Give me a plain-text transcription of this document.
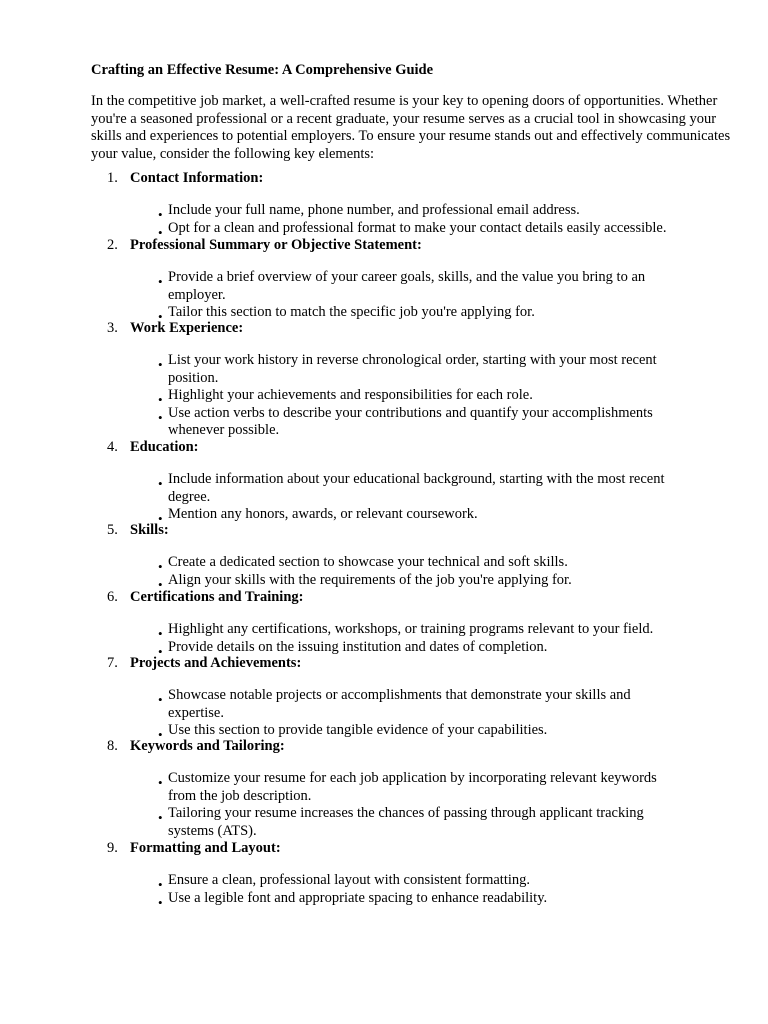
Crafting an Effective Resume: A Comprehensive Guide

In the competitive job market, a well-crafted resume is your key to opening doors of opportunities. Whether you're a seasoned professional or a recent graduate, your resume serves as a crucial tool in showcasing your skills and experiences to potential employers. To ensure your resume stands out and effectively communicates your value, consider the following key elements:

1. Contact Information:
• Include your full name, phone number, and professional email address.
• Opt for a clean and professional format to make your contact details easily accessible.
2. Professional Summary or Objective Statement:
• Provide a brief overview of your career goals, skills, and the value you bring to an employer.
• Tailor this section to match the specific job you're applying for.
3. Work Experience:
• List your work history in reverse chronological order, starting with your most recent position.
• Highlight your achievements and responsibilities for each role.
• Use action verbs to describe your contributions and quantify your accomplishments whenever possible.
4. Education:
• Include information about your educational background, starting with the most recent degree.
• Mention any honors, awards, or relevant coursework.
5. Skills:
• Create a dedicated section to showcase your technical and soft skills.
• Align your skills with the requirements of the job you're applying for.
6. Certifications and Training:
• Highlight any certifications, workshops, or training programs relevant to your field.
• Provide details on the issuing institution and dates of completion.
7. Projects and Achievements:
• Showcase notable projects or accomplishments that demonstrate your skills and expertise.
• Use this section to provide tangible evidence of your capabilities.
8. Keywords and Tailoring:
• Customize your resume for each job application by incorporating relevant keywords from the job description.
• Tailoring your resume increases the chances of passing through applicant tracking systems (ATS).
9. Formatting and Layout:
• Ensure a clean, professional layout with consistent formatting.
• Use a legible font and appropriate spacing to enhance readability.
